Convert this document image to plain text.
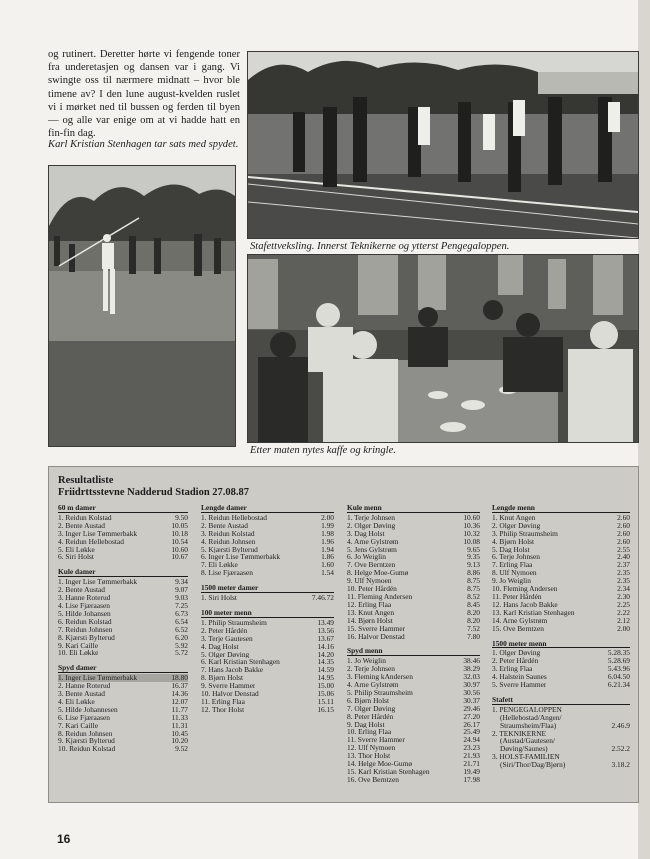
og rutinert. Deretter hørte vi fengende toner fra underetasjen og dansen var i gang. Vi swingte oss til nærmere midnatt – hvor ble timene av? I den lune august-kvelden ruslet vi i mørket ned til bussen og ferden til byen — og alle var enige om at vi hadde hatt en fin-fin dag.

Karl Kristian Stenhagen tar sats med spydet.

Stafettveksling. Innerst Teknikerne og ytterst Pengegaloppen.

Etter maten nytes kaffe og kringle.

Resultatliste
Friidrttsstevne Nadderud Stadion 27.08.87
60 m damer
1. Reidun Kolstad	9.50
2. Bente Austad	10.05
3. Inger Lise Tømmerbakk	10.18
4. Reidun Hellebostad	10.54
5. Eli Løkke	10.60
6. Siri Holst	10.67
Kule damer
1. Inger Lise Tømmerbakk	9.34
2. Bente Austad	9.07
3. Hanne Roterud	9.03
4. Lise Fjæraasen	7.25
5. Hilde Johansen	6.73
6. Reidun Kolstad	6.54
7. Reidun Johnsen	6.52
8. Kjærsti Bylterud	6.20
9. Kari Caille	5.92
10. Eli Løkke	5.72
Spyd damer
1. Inger Lise Tømmerbakk	18.80
2. Hanne Roterud	16.37
3. Bente Austad	14.36
4. Eli Løkke	12.07
5. Hilde Johannesen	11.77
6. Lise Fjæraasen	11.33
7. Kari Caille	11.31
8. Reidun Johnsen	10.45
9. Kjærsti Bylterud	10.20
10. Reidun Kolstad	9.52
Lengde damer
1. Reidun Hellebostad	2.00
2. Bente Austad	1.99
3. Reidun Kolstad	1.98
4. Reidun Johnsen	1.96
5. Kjærsti Bylterud	1.94
6. Inger Lise Tømmerbakk	1.86
7. Eli Løkke	1.60
8. Lise Fjæraasen	1.54
1500 meter damer
1. Siri Holst	7.46.72
100 meter menn
1. Philip Straumsheim	13.49
2. Peter Hårdén	13.56
3. Terje Gautesen	13.67
4. Dag Holst	14.16
5. Olger Døving	14.20
6. Karl Kristian Stenhagen	14.35
7. Hans Jacob Bakke	14.59
8. Bjørn Holst	14.95
9. Sverre Hammer	15.00
10. Halvor Denstad	15.06
11. Erling Flaa	15.11
12. Thor Holst	16.15
Kule menn
1. Terje Johnsen	10.60
2. Olger Døving	10.36
3. Dag Holst	10.32
4. Arne Gylstrøm	10.08
5. Jens Gylstrøm	9.65
6. Jo Weiglin	9.35
7. Ove Berntzen	9.13
8. Helge Moe-Gumø	8.86
9. Ulf Nymoen	8.75
10. Peter Hårdén	8.75
11. Fleming Andersen	8.52
12. Erling Flaa	8.45
13. Knut Angen	8.20
14. Bjørn Holst	8.20
15. Sverre Hammer	7.52
16. Halvor Denstad	7.80
Spyd menn
1. Jo Weiglin	38.46
2. Terje Johnsen	38.29
3. Fleming kAndersen	32.03
4. Arne Gylstrøm	30.97
5. Philip Straumsheim	30.56
6. Bjørn Holst	30.37
7. Olger Døving	29.46
8. Peter Hårdén	27.20
9. Dag Holst	26.17
10. Erling Flaa	25.49
11. Sverre Hammer	24.94
12. Ulf Nymoen	23.23
13. Thor Holst	21.93
14. Helge Moe-Gumø	21.71
15. Karl Kristian Stenhagen	19.49
16. Ove Berntzen	17.98
Lengde menn
1. Knut Angen	2.60
2. Olger Døving	2.60
3. Philip Straumsheim	2.60
4. Bjørn Holst	2.60
5. Dag Holst	2.55
6. Terje Johnsen	2.40
7. Erling Flaa	2.37
8. Ulf Nymoen	2.35
9. Jo Weiglin	2.35
10. Fleming Andersen	2.34
11. Peter Hårdén	2.30
12. Hans Jacob Bakke	2.25
13. Karl Kristian Stenhagen	2.22
14. Arne Gylstrøm	2.12
15. Ove Berntzen	2.00
1500 meter menn
1. Olger Døving	5.28.35
2. Peter Hårdén	5.28.69
3. Erling Flaa	5.43.96
4. Halstein Saunes	6.04.50
5. Sverre Hammer	6.21.34
Stafett
1. PENGEGALOPPEN
(Hellebostad/Angen/
Straumsheim/Flaa)	2.46.9
2. TEKNIKERNE
(Austad/Gautesen/
Døving/Saunes)	2.52.2
3. HOLST-FAMILIEN
(Siri/Thor/Dag/Bjørn)	3.18.2
16
